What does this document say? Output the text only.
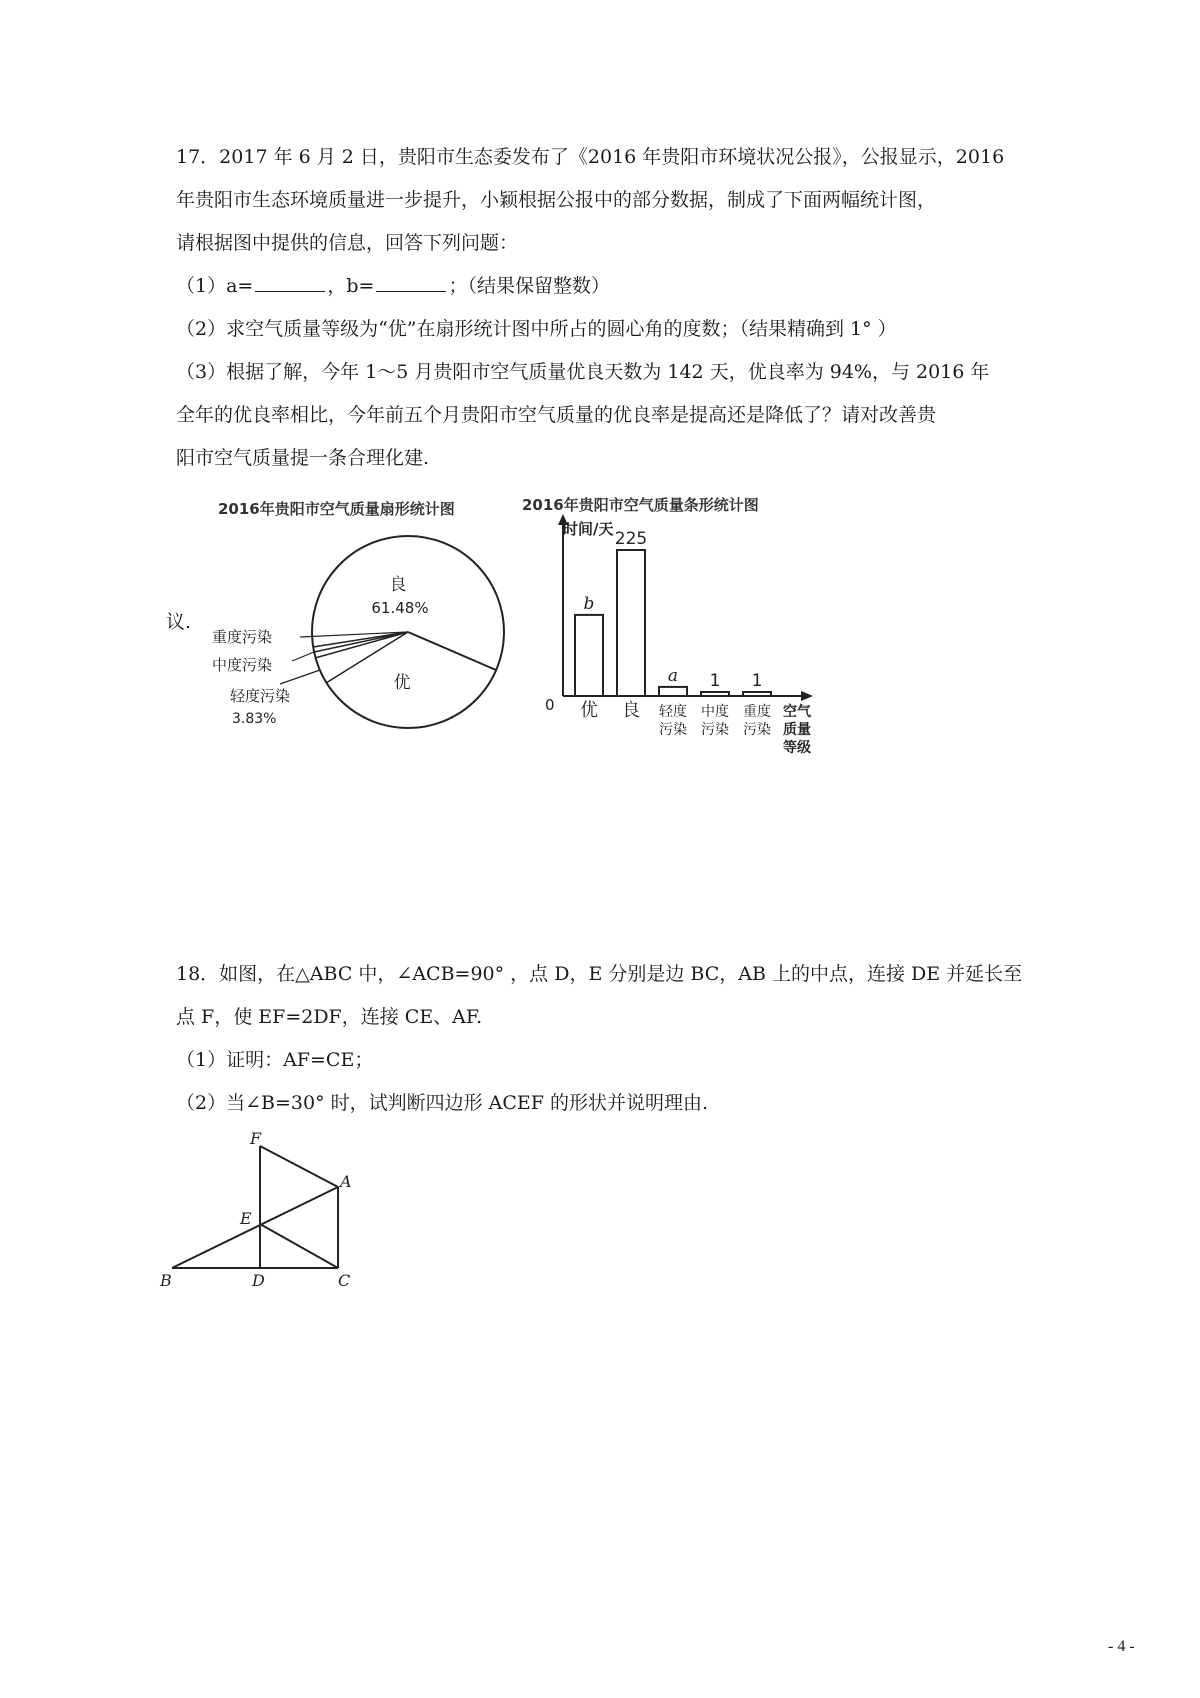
17．2017 年 6 月 2 日，贵阳市生态委发布了《2016 年贵阳市环境状况公报》，公报显示，2016
年贵阳市生态环境质量进一步提升，小颖根据公报中的部分数据，制成了下面两幅统计图，
请根据图中提供的信息，回答下列问题：
（1）a=	，b=	；（结果保留整数）
（2）求空气质量等级为“优”在扇形统计图中所占的圆心角的度数；（结果精确到 1° ）
（3）根据了解，今年 1～5 月贵阳市空气质量优良天数为 142 天，优良率为 94%，与 2016 年
全年的优良率相比，今年前五个月贵阳市空气质量的优良率是提高还是降低了？请对改善贵
阳市空气质量提一条合理化建.
2016年贵阳市空气质量扇形统计图	2016年贵阳市空气质量条形统计图
议.
良
61.48%
优
重度污染
中度污染
轻度污染
3.83%
时间/天
0
b
优
225
良
a
轻度
污染
1
中度
污染
1
重度
污染
空气
质量
等级
18．如图，在△ABC 中，∠ACB=90° ，点 D，E 分别是边 BC，AB 上的中点，连接 DE 并延长至
点 F，使 EF=2DF，连接 CE、AF.
（1）证明：AF=CE；
（2）当∠B=30° 时，试判断四边形 ACEF 的形状并说明理由.
F
A
E
B	D	C
- 4 -
